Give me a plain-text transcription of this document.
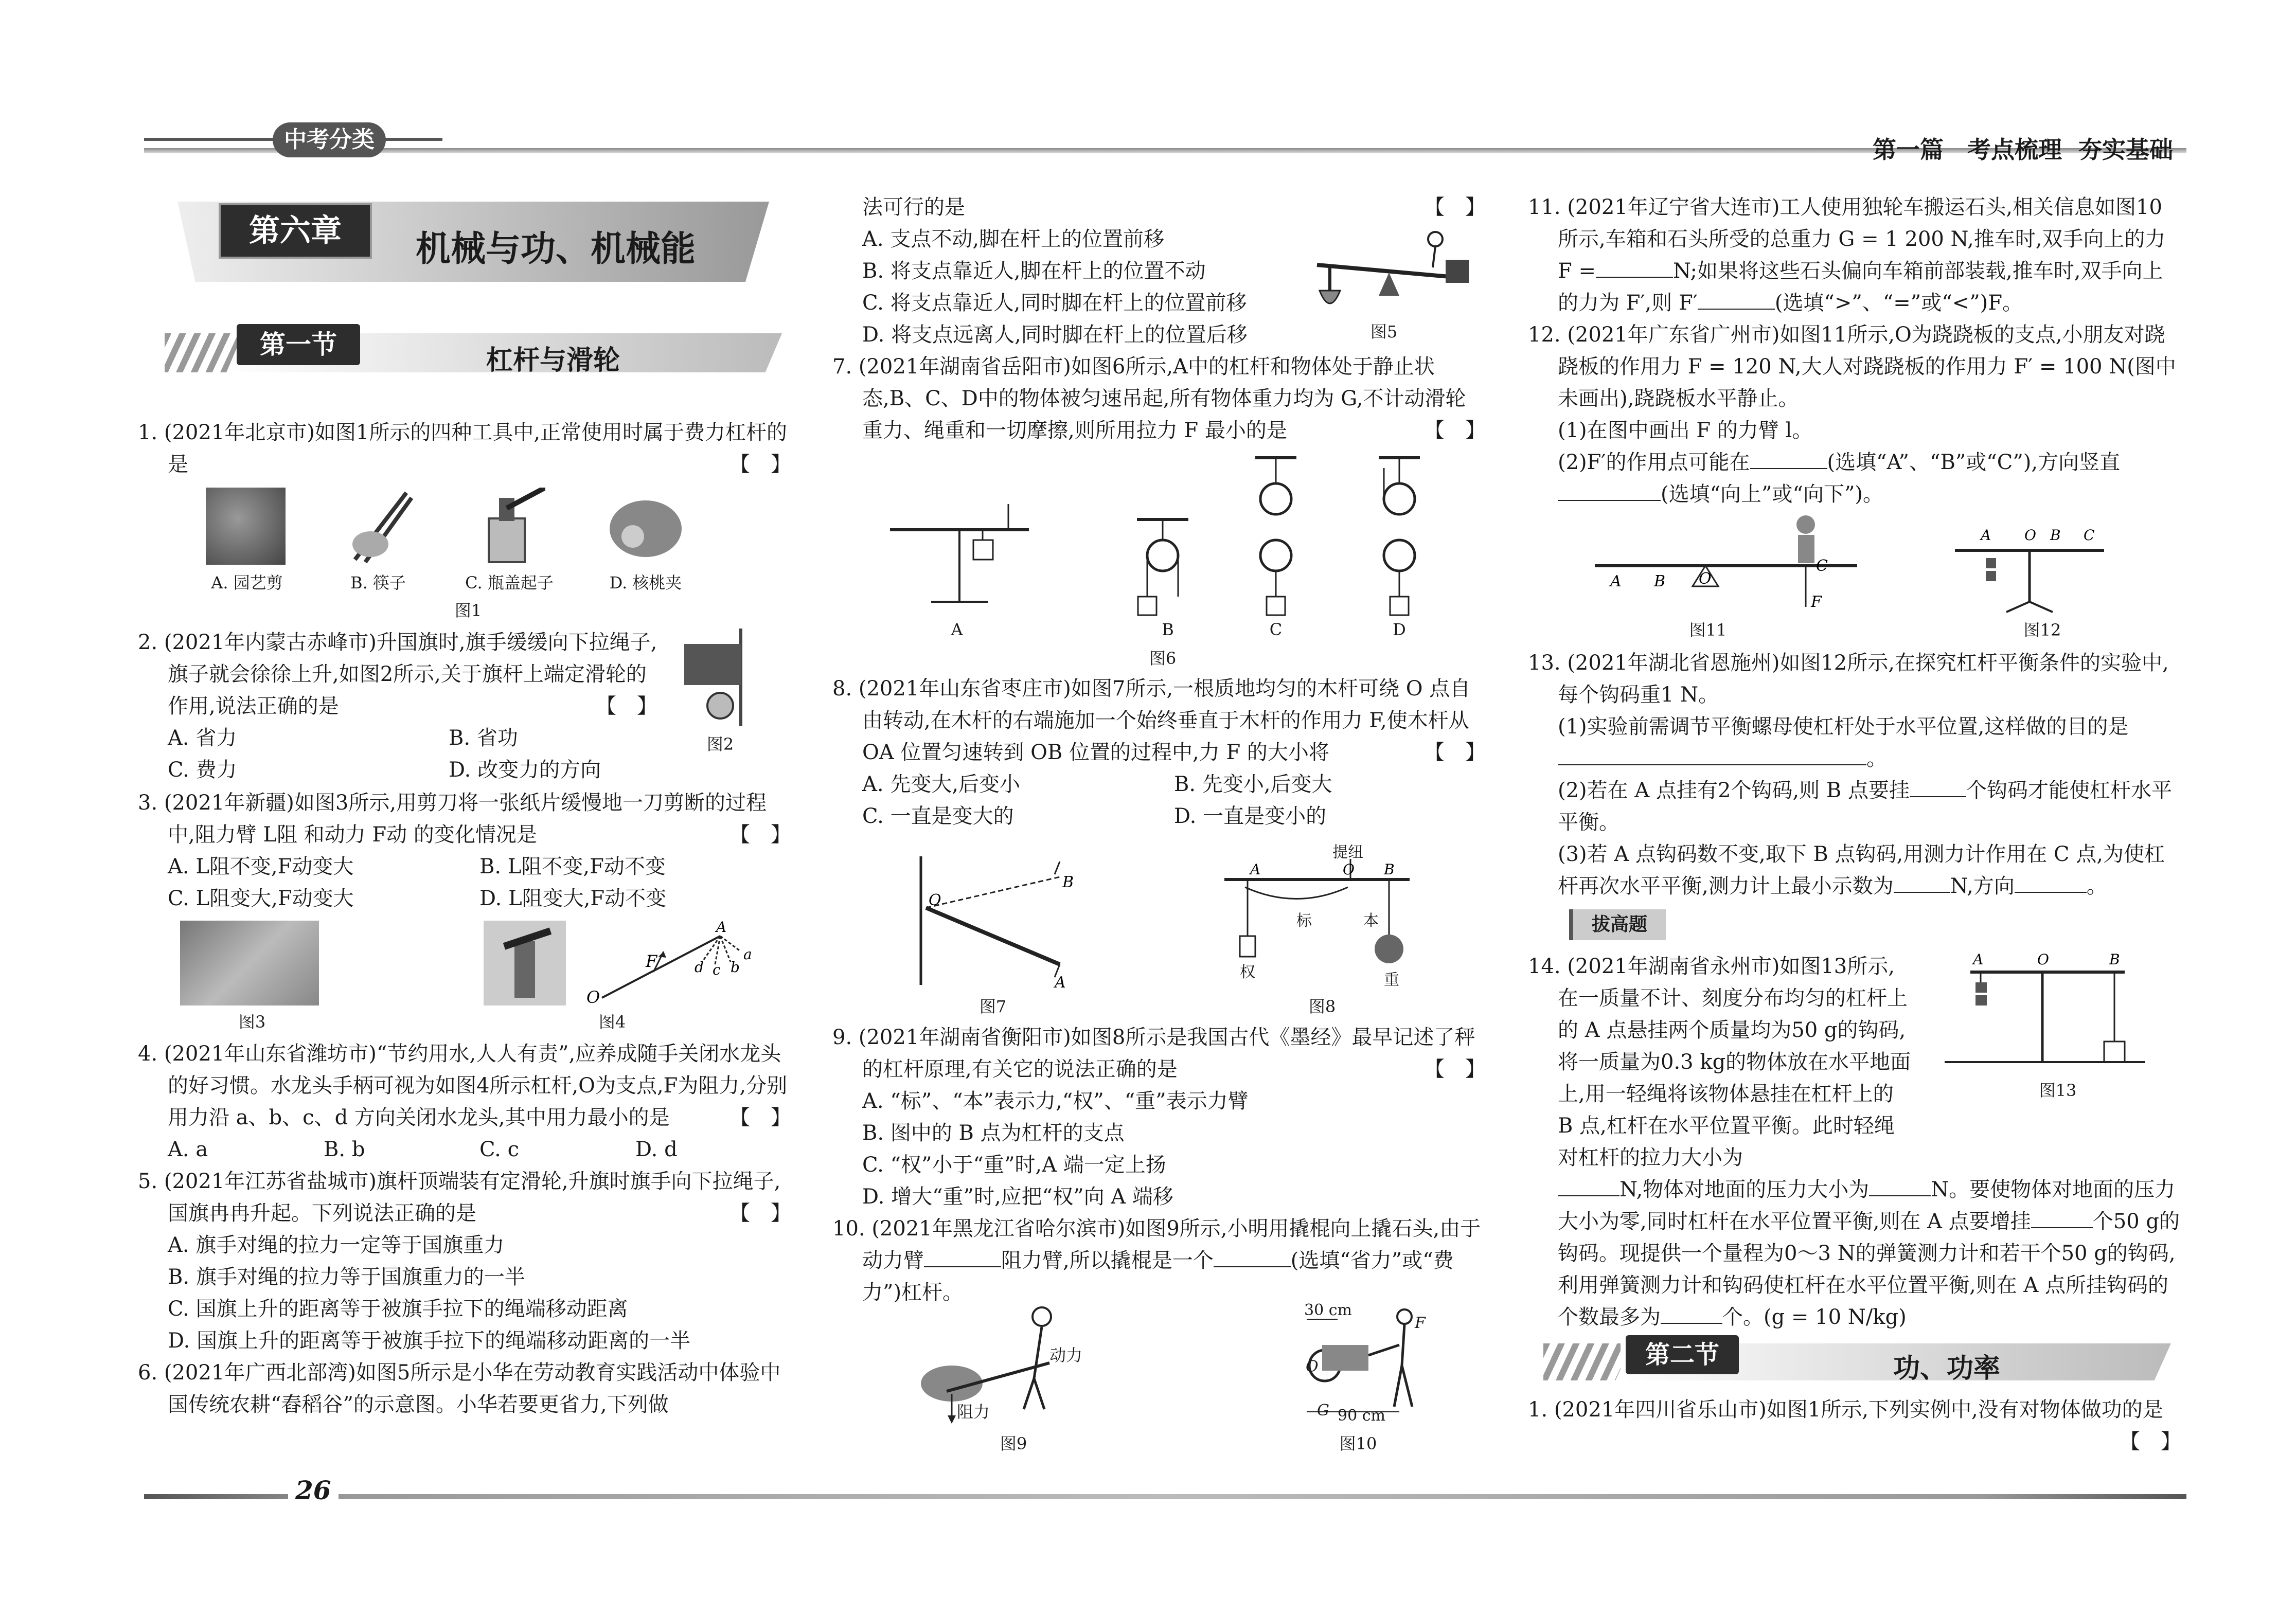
中考分类	第一篇　考点梳理  夯实基础
第六章	机械与功、机械能
第一节
杠杆与滑轮

1. (2021年北京市)如图1所示的四种工具中,正常使用时属于费力杠杆的是	【　】

A. 园艺剪	B. 筷子	C. 瓶盖起子	D. 核桃夹
图1

2. (2021年内蒙古赤峰市)升国旗时,旗手缓缓向下拉绳子,旗子就会徐徐上升,如图2所示,关于旗杆上端定滑轮的作用,说法正确的是	【　】

A. 省力	B. 省功
C. 费力	D. 改变力的方向
图2

3. (2021年新疆)如图3所示,用剪刀将一张纸片缓慢地一刀剪断的过程中,阻力臂 L阻 和动力 F动 的变化情况是	【　】

A. L阻不变,F动变大	B. L阻不变,F动不变
C. L阻变大,F动变大	D. L阻变大,F动不变
O
F
A
a
b
c
d
图3	图4

4. (2021年山东省潍坊市)“节约用水,人人有责”,应养成随手关闭水龙头的好习惯。水龙头手柄可视为如图4所示杠杆,O为支点,F为阻力,分别用力沿 a、b、c、d 方向关闭水龙头,其中用力最小的是	【　】

A. a	B. b	C. c	D. d

5. (2021年江苏省盐城市)旗杆顶端装有定滑轮,升旗时旗手向下拉绳子,国旗冉冉升起。下列说法正确的是	【　】

A. 旗手对绳的拉力一定等于国旗重力

B. 旗手对绳的拉力等于国旗重力的一半

C. 国旗上升的距离等于被旗手拉下的绳端移动距离

D. 国旗上升的距离等于被旗手拉下的绳端移动距离的一半

6. (2021年广西北部湾)如图5所示是小华在劳动教育实践活动中体验中国传统农耕“舂稻谷”的示意图。小华若要更省力,下列做

法可行的是	【　】

A. 支点不动,脚在杆上的位置前移

B. 将支点靠近人,脚在杆上的位置不动

C. 将支点靠近人,同时脚在杆上的位置前移

D. 将支点远离人,同时脚在杆上的位置后移	图5

7. (2021年湖南省岳阳市)如图6所示,A中的杠杆和物体处于静止状态,B、C、D中的物体被匀速吊起,所有物体重力均为 G,不计动滑轮重力、绳重和一切摩擦,则所用拉力 F 最小的是	【　】

A	B	C	D
图6

8. (2021年山东省枣庄市)如图7所示,一根质地均匀的木杆可绕 O 点自由转动,在木杆的右端施加一个始终垂直于木杆的作用力 F,使木杆从 OA 位置匀速转到 OB 位置的过程中,力 F 的大小将	【　】

A. 先变大,后变小	B. 先变小,后变大
C. 一直是变大的	D. 一直是变小的
O
B
A
A	O B
提纽
标	本
权	重
图7	图8

9. (2021年湖南省衡阳市)如图8所示是我国古代《墨经》最早记述了秤的杠杆原理,有关它的说法正确的是	【　】

A. “标”、“本”表示力,“权”、“重”表示力臂

B. 图中的 B 点为杠杆的支点

C. “权”小于“重”时,A 端一定上扬

D. 增大“重”时,应把“权”向 A 端移

10. (2021年黑龙江省哈尔滨市)如图9所示,小明用撬棍向上撬石头,由于动力臂	阻力臂,所以撬棍是一个	(选填“省力”或“费力”)杠杆。

动力
阻力
30 cm
90 cm
F
O
G
图9	图10

11. (2021年辽宁省大连市)工人使用独轮车搬运石头,相关信息如图10所示,车箱和石头所受的总重力 G = 1 200 N,推车时,双手向上的力 F =	N;如果将这些石头偏向车箱前部装载,推车时,双手向上的力为 F′,则 F′	(选填“>”、“=”或“<”)F。

12. (2021年广东省广州市)如图11所示,O为跷跷板的支点,小朋友对跷跷板的作用力 F = 120 N,大人对跷跷板的作用力 F′ = 100 N(图中未画出),跷跷板水平静止。

(1)在图中画出 F 的力臂 l。

(2)F′的作用点可能在	(选填“A”、“B”或“C”),方向竖直(选填“向上”或“向下”)。

A B O
C
F
A O B C
图11	图12

13. (2021年湖北省恩施州)如图12所示,在探究杠杆平衡条件的实验中,每个钩码重1 N。

(1)实验前需调节平衡螺母使杠杆处于水平位置,这样做的目的是。

(2)若在 A 点挂有2个钩码,则 B 点要挂	个钩码才能使杠杆水平平衡。

(3)若 A 点钩码数不变,取下 B 点钩码,用测力计作用在 C 点,为使杠杆再次水平平衡,测力计上最小示数为	N,方向	。

拔高题

14. (2021年湖南省永州市)如图13所示,在一质量不计、刻度分布均匀的杠杆上的 A 点悬挂两个质量均为50 g的钩码,将一质量为0.3 kg的物体放在水平地面上,用一轻绳将该物体悬挂在杠杆上的 B 点,杠杆在水平位置平衡。此时轻绳对杠杆的拉力大小为

N,物体对地面的压力大小为	N。要使物体对地面的压力大小为零,同时杠杆在水平位置平衡,则在 A 点要增挂	个50 g的钩码。现提供一个量程为0～3 N的弹簧测力计和若干个50 g的钩码,利用弹簧测力计和钩码使杠杆在水平位置平衡,则在 A 点所挂钩码的个数最多为	个。(g = 10 N/kg)

A	O	B
图13
第二节	功、功率

1. (2021年四川省乐山市)如图1所示,下列实例中,没有对物体做功的是
【　】

26
